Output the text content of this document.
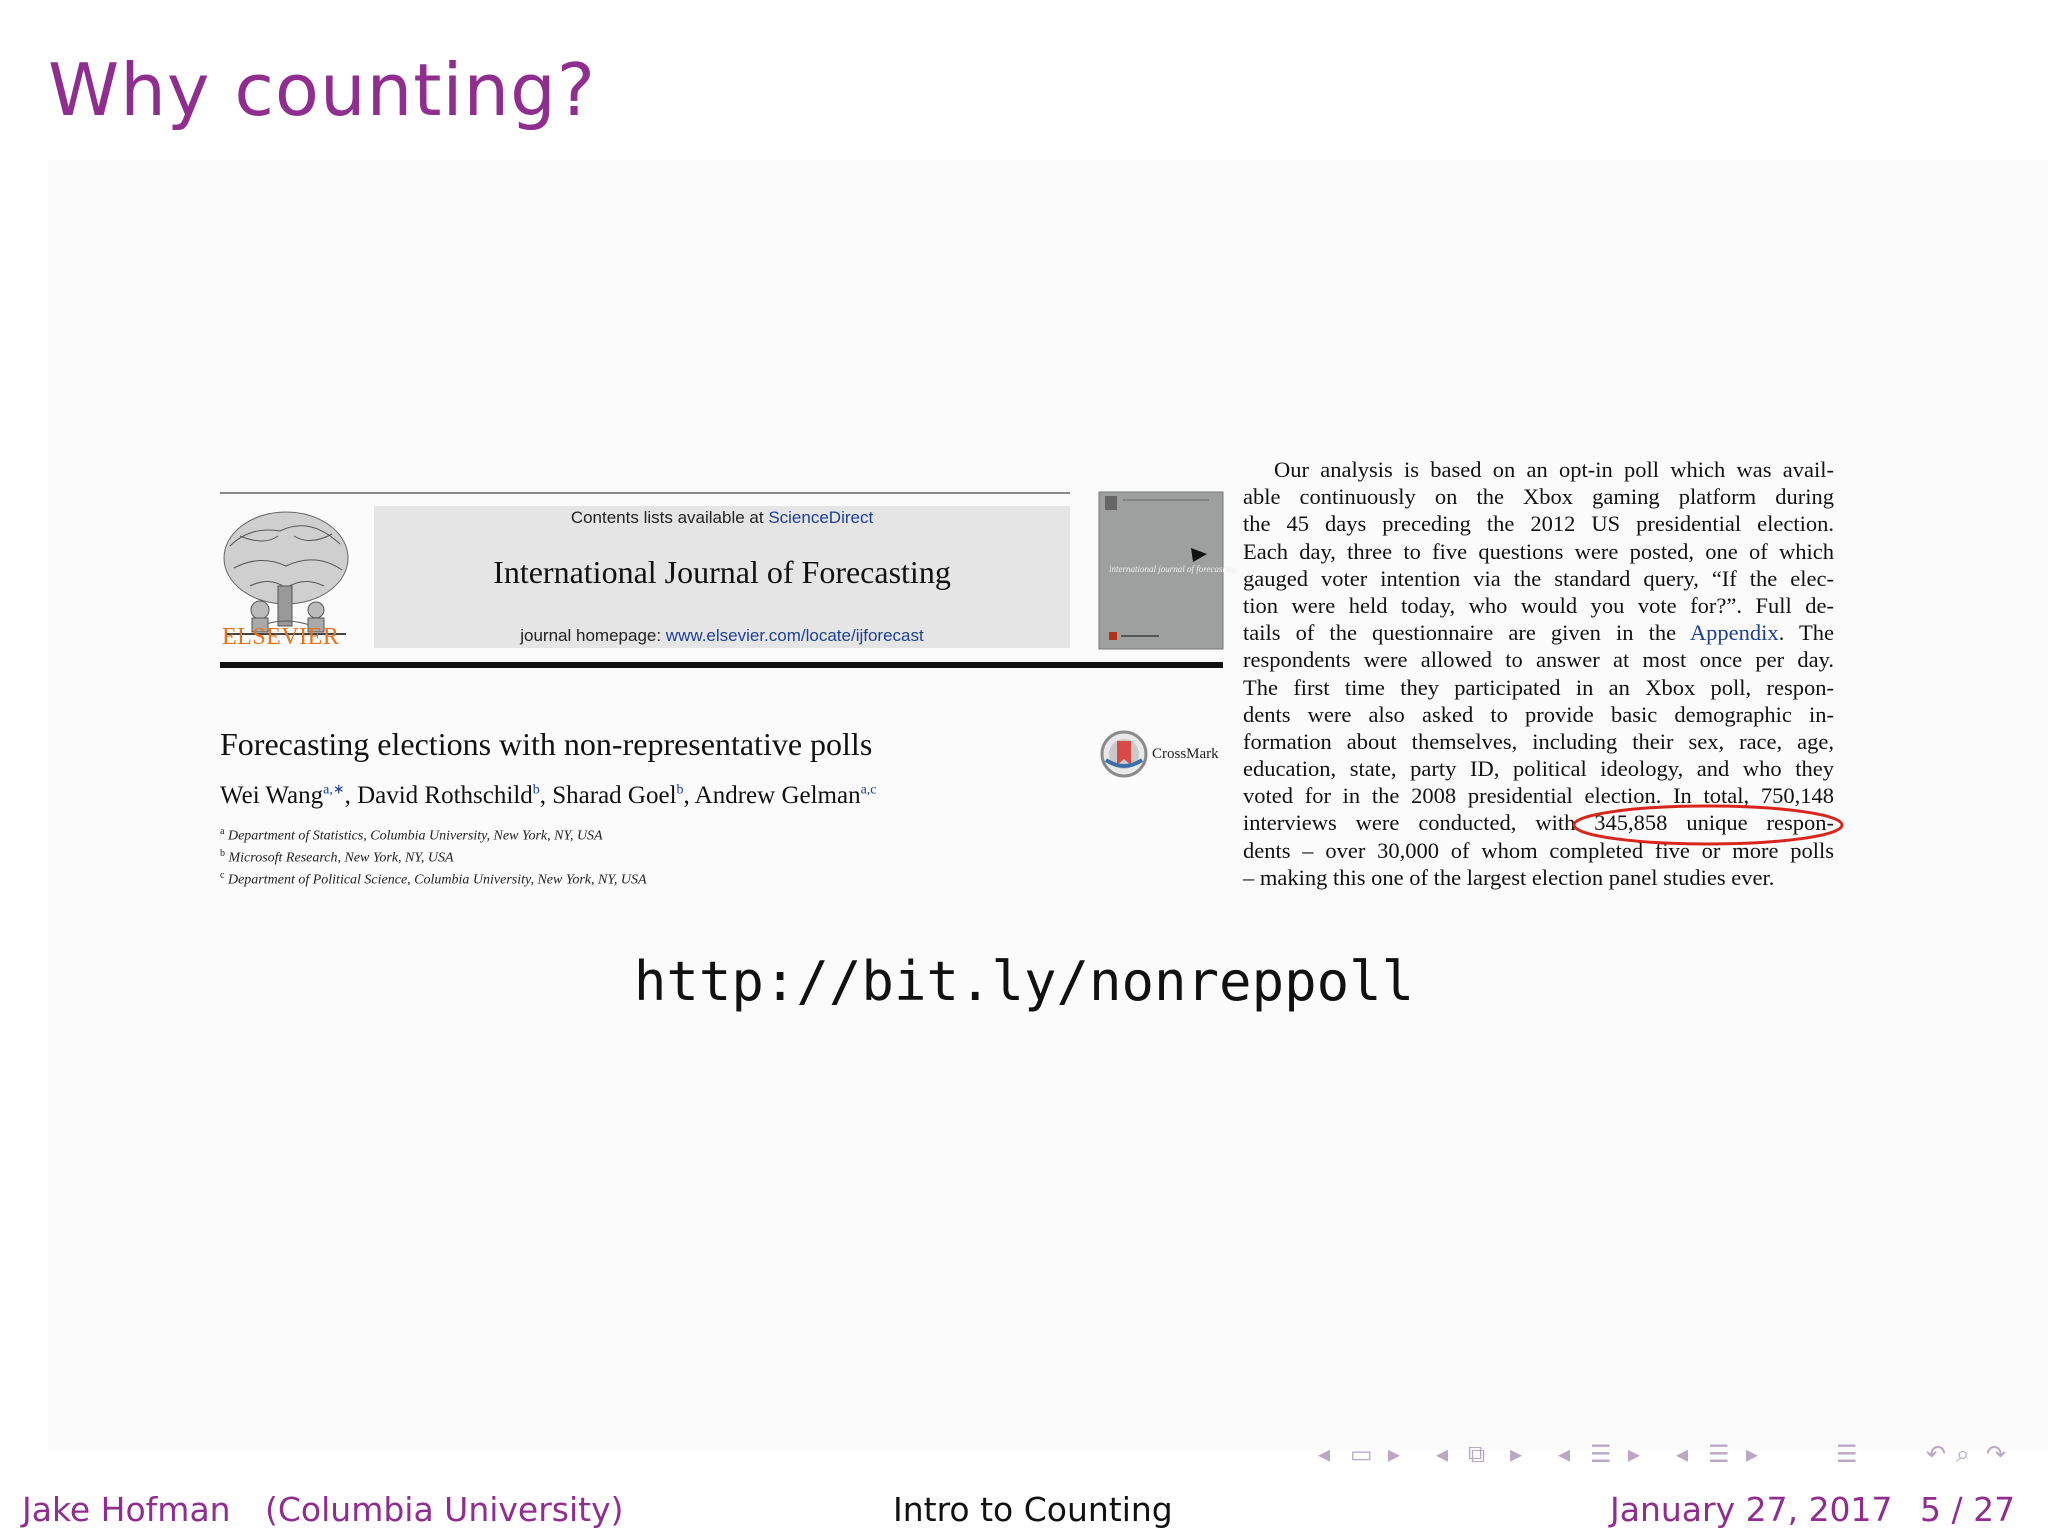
Why counting?
ELSEVIER
Contents lists available at ScienceDirect
International Journal of Forecasting
journal homepage: www.elsevier.com/locate/ijforecast
international journal of forecasting
Forecasting elections with non-representative polls	CrossMark
Wei Wang$^{a,∗}$, David Rothschild$^b$, Sharad Goel$^b$, Andrew Gelman$^{a,c}$
$^a$ Department of Statistics, Columbia University, New York, NY, USA
$^b$ Microsoft Research, New York, NY, USA
$^c$ Department of Political Science, Columbia University, New York, NY, USA
Our analysis is based on an opt-in poll which was avail-
able continuously on the Xbox gaming platform during
the 45 days preceding the 2012 US presidential election.
Each day, three to five questions were posted, one of which
gauged voter intention via the standard query, “If the elec-
tion were held today, who would you vote for?”. Full de-
tails of the questionnaire are given in the Appendix. The
respondents were allowed to answer at most once per day.
The first time they participated in an Xbox poll, respon-
dents were also asked to provide basic demographic in-
formation about themselves, including their sex, race, age,
education, state, party ID, political ideology, and who they
voted for in the 2008 presidential election. In total, 750,148
interviews were conducted, with 345,858 unique respon-
dents – over 30,000 of whom completed five or more polls
– making this one of the largest election panel studies ever.
http://bit.ly/nonreppoll
◂ ▭ ▸ ◂ ⧉ ▸ ◂ ☰ ▸ ◂ ☰ ▸	☰	↶ ⌕ ↷
Jake Hofman (Columbia University)	Intro to Counting	January 27, 2017 5 / 27
